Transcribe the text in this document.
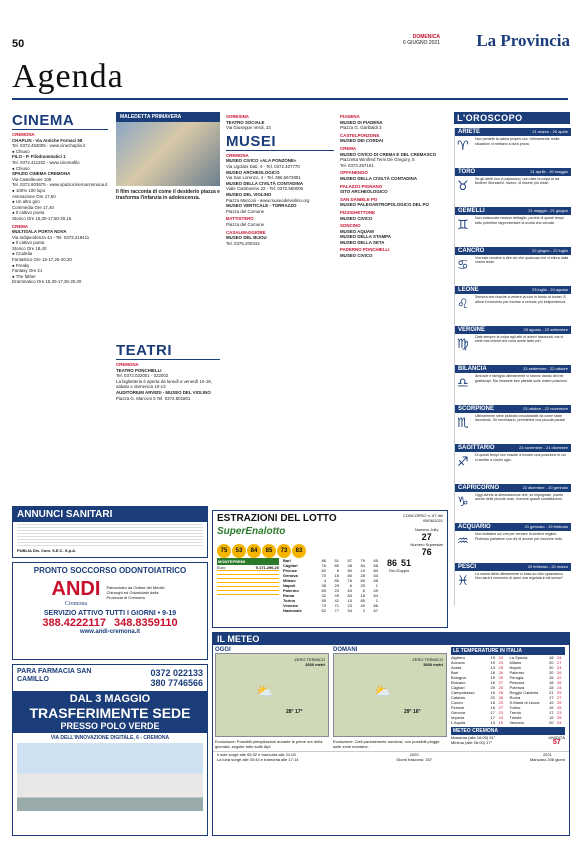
50
DOMENICA
6 GIUGNO 2021 La Provincia
Agenda
CINEMA
CREMONA
CHAPLIN - Via Antiche Fornaci 58
Tel. 0372.453005 - www.cinechaplin.it
● Chiuso
FILO - P. Filodrammatici 1
Tel. 0372.411252 - www.cinemafilo
● Chiuso
SPAZIO CINEMA CREMONA
Via Castelleone 108
Tel. 0372.803675 - www.spaziocinemacremona.it
● 100% 100 lupo
Animazione Ore 17,50
● Un altro giro
Commedia Ore 17,40
● Il cattivo poeta
Storico Ore 15,30-17,50-20,15
CREMA
MULTISALA PORTA NOVA
Via Indipendenza 44 - Tel. 0373.218411
● Il cattivo poeta
Storico Ore 18,40
● Crudelia
Fantastico Ore 15-17,25-20,20
● Freaky
Fantasy Ore 21
● The father
Drammatico Ore 15,30-17,35-20,30
MALEDETTA PRIMAVERA
Il film racconta di come il desiderio piazza e trasforma l'infanzia in adolescenza.
TEATRI
CREMONA
TEATRO PONCHIELLI
Tel. 0372.022001 - 022002
La biglietteria è aperta da lunedì a venerdì 10-18, sabato e domenica 10-13
AUDITORIUM ARVEDI - MUSEO DEL VIOLINO
Piazza G. Marconi 5 Tel. 0372.801801
SORESINA
TEATRO SOCIALE
Via Giuseppe Verdi, 23
MUSEI
CREMONA
MUSEO CIVICO «ALA PONZONE»
Via Ugolani Dati, 4 - Tel. 0372.407770
MUSEO ARCHEOLOGICO
Via San Lorenzo, 4 - Tel. 366.6673881
MUSEO DELLA CIVILTÀ CONTADINA
Viale Cambonino 22 - Tel. 0372.560005
MUSEO DEL VIOLINO
Piazza Marconi - www.museodelviolino.org
MUSEO VERTICALE - TORRAZZO
Piazza del Comune
BATTISTERO
Piazza del Comune
CASALMAGGIORE
MUSEO DEL BIJOU
Tel. 0375.200344
PIADENA
MUSEO DI PIADENA
Piazza G. Garibaldi 3
CASTELPONZONE
MUSEO DEI CORDAI
CREMA
MUSEO CIVICO DI CREMA E DEL CREMASCO
Piazzetta Winifred Terni De Gregory, 5
Tel. 0373.257161
OFFANENGO
MUSEO DELLA CIVILTÀ CONTADINA
PALAZZO PIGNANO
SITO ARCHEOLOGICO
SAN DANIELE PO
MUSEO PALEOANTROPOLOGICO DEL PO
PIZZIGHETTONE
MUSEO CIVICO
SONCINO
MUSEO AQUAM
MUSEO DELLA STAMPA
MUSEO DELLA SETA
PADERNO PONCHIELLI
MUSEO CIVICO
L'OROSCOPO
ARIETE	21 marzo - 20 aprile
♈	Non perdete la calma proprio ora. Ultimamente molte situazioni vi mettono a dura prova.
TORO	21 aprile - 20 maggio
♉	Se gli attriti non vi capiscono, non date la colpa al sol fiedere! Sforzatevi, invece, di essere più chiari.
GEMELLI	21 maggio - 21 giugno
♊	Non traiscurate nessun dettaglio, perché di questi tempi tutto potrebbe rappresentare la svolta che cercate.
CANCRO	22 giugno - 22 luglio
♋	Vorreste rendere a dire ciò che qualcosa che vi sfiora dalla vostra testa.
LEONE	23 luglio - 24 agosto
♌	Sembra che riuscite a vedere la luce in fondo al tunnel. È allora il momento per iniziare a cercare più indipendenza.
VERGINE	25 agosto - 22 settembre
♍	Date sempre la colpa agli altri di avervi trascurati, ma vi siete mai chiesti che cosa avete fatto voi?
BILANCIA	23 settembre - 22 ottobre
♎	Amicizie e famiglia ultimamente vi stanno dando dei bei grattacapi. Ma rimanete ben piantati sulle vostre posizioni.
SCORPIONE	23 ottobre - 22 novembre
♏	Ultimamente siete piuttosto insoddisfatti da come state lavorando. Se necessario, prendetevi una piccola pausa!
SAGITTARIO	23 novembre - 21 dicembre
♐	Di questi tempi non riuscite a trovare una posizione in cui vi sentite a vostro agio.
CAPRICORNO	22 dicembre - 20 gennaio
♑	Oggi avrete la dimostrazione che, se impegnate, potete anche delle piccole cose, ricevere grandi soddisfazioni.
ACQUARIO	21 gennaio - 19 febbraio
♒	Non buttatevi sul che per cercare di sentirvi migliori. Piuttosto parlatene con chi di dovere per risolvere tutto.
PESCI	20 febbraio - 20 marzo
♓	La vostra dieta ultimamente si basa su cibo spazzatura. Non sarà il momento di darsi una regolata in tal senso?
ANNUNCI SANITARI
PUBLIA Div. Com. S.E.C. S.p.A.
PRONTO SOCCORSO ODONTOIATRICO
ANDI
Cremona
Patrocinato da Ordine dei Medici Chirurghi ed Odontoiatri della Provincia di Cremona
SERVIZIO ATTIVO TUTTI I GIORNI • 9-19
388.4222117 348.8359110
www.andi-cremona.it
PARA FARMACIA SAN CAMILLO
0372 022133
380 7746566
DAL 3 MAGGIO
TRASFERIMENTE SEDE
PRESSO POLO VERDE
VIA DELL'INNOVAZIONE DIGITALE, 6 - CREMONA
ESTRAZIONI DEL LOTTO	CONCORSO n. 67 del 05/06/2021
SuperEnalotto
75 53 84 85 73 83
Numero Jolly
27
Numero Superstar
76
MONTEPREMI
Euro	5.171.296,20
Bari	86	51	57	79	65
Cagliari	76	89	48	54	68
Firenze	82	6	80	10	84
Genova	70	15	80	28	64
Milano	4	85	76	83	68
Napoli	38	29	6	25	1
Palermo	65	23	63	6	49
Roma	32	49	83	18	64
Torino	55	42	10	85	1
Venezia	73	71	23	49	88
Nazionale	62	77	54	2	67
86 51
Oro Doppio
IL METEO
OGGI
ZERO TERMICO
3300 metri
⛅
28° 17°
Evoluzione: Possibili precipitazioni durante le prime ore della giornata, seguite tutto sulle Alpi.
DOMANI
ZERO TERMICO
3300 metri
⛅
29° 16°
Evoluzione: Cieli parzialmente nuvolosi, con possibili piogge sulle zone montane.
LE TEMPERATURE IN ITALIA
Alghero	19 24
Ancona	19 24
Aosta	13 25
Bari	18 26
Bologna	19 29
Bolzano	16 27
Cagliari	20 25
Campobasso	15 26
Catania	20 26
Cuneo	16 23
Firenze	16 27
Genova	17 23
Imperia	17 24
L'Aquila	13 19
La Spezia	18 24
Milano	20 27
Napoli	20 24
Palermo	20 26
Perugia	15 22
Pescara	18 26
Potenza	15 24
Reggio Calabria	21 25
Roma	17 27
S.Maria di Leuca	19 25
Torino	19 25
Trento	17 23
Trieste	19 25
Venezia	20 24
METEO CREMONA
Massima (alle 16:00) 31°
Minima (alle 06:00) 17°
UMIDITÀ
57
Il sole sorge alle 05:32 e tramonta alle 21:05
La luna sorge alle 03:44 e tramonta alle 17:14
2020
Giorni trascorsi: 157
2021
Mancano 208 giorni
